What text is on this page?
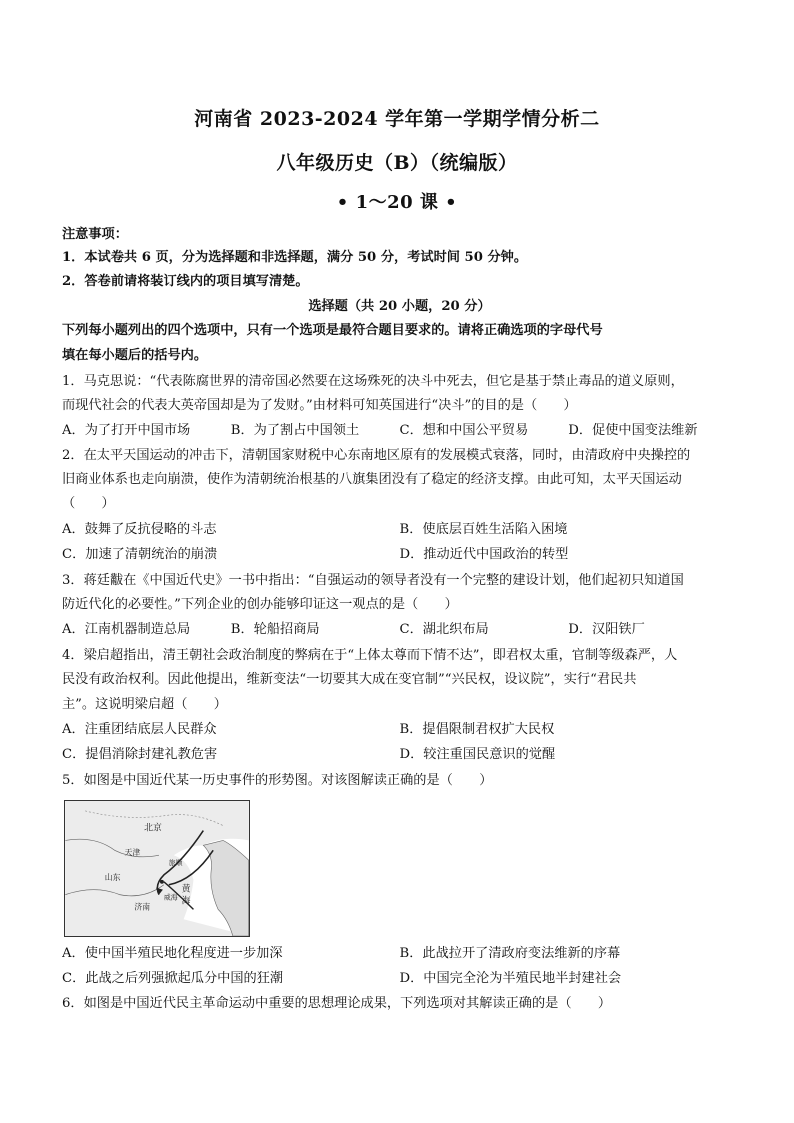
河南省 2023-2024 学年第一学期学情分析二
八年级历史（B）（统编版）
• 1～20 课 •
注意事项：
1．本试卷共 6 页，分为选择题和非选择题，满分 50 分，考试时间 50 分钟。
2．答卷前请将装订线内的项目填写清楚。
选择题（共 20 小题，20 分）
下列每小题列出的四个选项中，只有一个选项是最符合题目要求的。请将正确选项的字母代号
填在每小题后的括号内。
1．马克思说：“代表陈腐世界的清帝国必然要在这场殊死的决斗中死去，但它是基于禁止毒品的道义原则，
而现代社会的代表大英帝国却是为了发财。”由材料可知英国进行“决斗”的目的是（　　）
A．为了打开中国市场	B．为了割占中国领土	C．想和中国公平贸易	D．促使中国变法维新
2．在太平天国运动的冲击下，清朝国家财税中心东南地区原有的发展模式衰落，同时，由清政府中央操控的
旧商业体系也走向崩溃，使作为清朝统治根基的八旗集团没有了稳定的经济支撑。由此可知，太平天国运动
（　　）
A．鼓舞了反抗侵略的斗志	B．使底层百姓生活陷入困境
C．加速了清朝统治的崩溃	D．推动近代中国政治的转型
3．蒋廷黻在《中国近代史》一书中指出：“自强运动的领导者没有一个完整的建设计划，他们起初只知道国
防近代化的必要性。”下列企业的创办能够印证这一观点的是（　　）
A．江南机器制造总局	B．轮船招商局	C．湖北织布局	D．汉阳铁厂
4．梁启超指出，清王朝社会政治制度的弊病在于“上体太尊而下情不达”，即君权太重，官制等级森严，人
民没有政治权利。因此他提出，维新变法“一切要其大成在变官制”“兴民权，设议院”，实行“君民共
主”。这说明梁启超（　　）
A．注重团结底层人民群众	B．提倡限制君权扩大民权
C．提倡消除封建礼教危害	D．较注重国民意识的觉醒
5．如图是中国近代某一历史事件的形势图。对该图解读正确的是（　　）
北 京
天津
山东
旅顺
黄
海
济南
威海
A．使中国半殖民地化程度进一步加深	B．此战拉开了清政府变法维新的序幕
C．此战之后列强掀起瓜分中国的狂潮	D．中国完全沦为半殖民地半封建社会
6．如图是中国近代民主革命运动中重要的思想理论成果，下列选项对其解读正确的是（　　）
